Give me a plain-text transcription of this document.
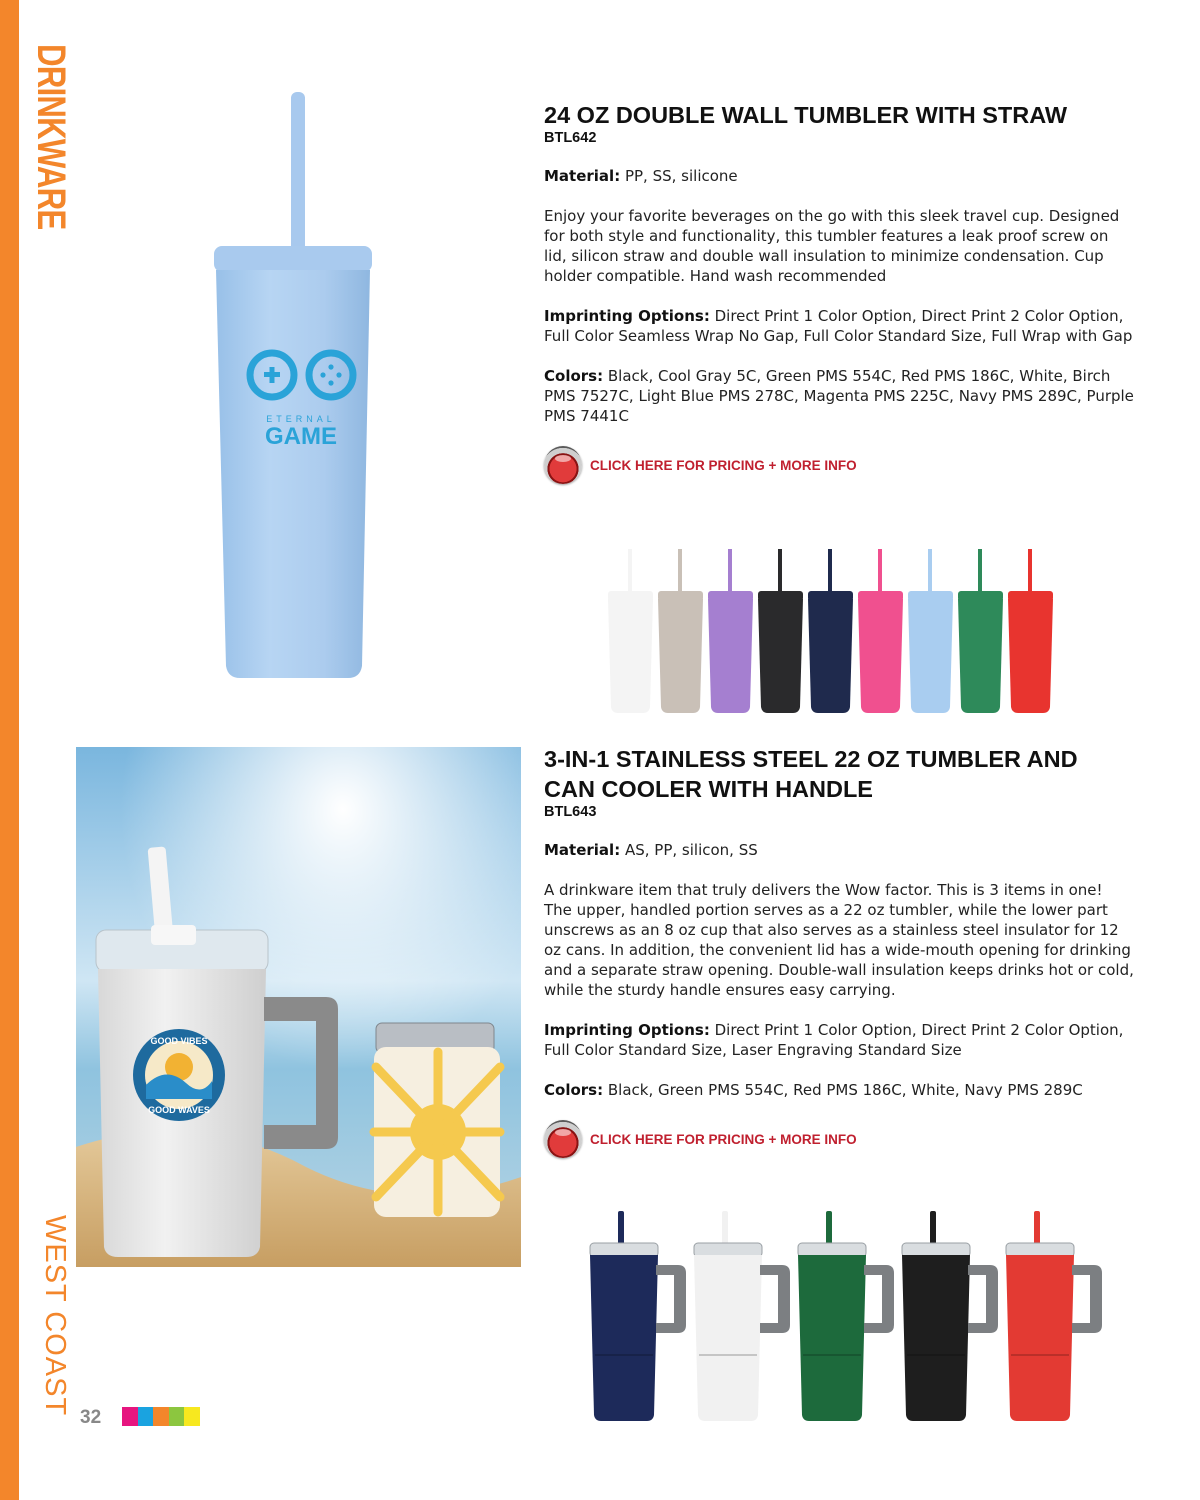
DRINKWARE
WEST COAST
ETERNAL
GAME
24 OZ DOUBLE WALL TUMBLER WITH STRAW

BTL642

Material: PP, SS, silicone

Enjoy your favorite beverages on the go with this sleek travel cup. Designed for both style and functionality, this tumbler features a leak proof screw on lid, silicon straw and double wall insulation to minimize condensation. Cup holder compatible. Hand wash recommended

Imprinting Options: Direct Print 1 Color Option, Direct Print 2 Color Option, Full Color Seamless Wrap No Gap, Full Color Standard Size, Full Wrap with Gap

Colors: Black, Cool Gray 5C, Green PMS 554C, Red PMS 186C, White, Birch PMS 7527C, Light Blue PMS 278C, Magenta PMS 225C, Navy PMS 289C, Purple PMS 7441C

CLICK HERE FOR PRICING + MORE INFO
GOOD VIBES
GOOD WAVES
3-IN-1 STAINLESS STEEL 22 OZ TUMBLER AND CAN COOLER WITH HANDLE

BTL643

Material: AS, PP, silicon, SS

A drinkware item that truly delivers the Wow factor. This is 3 items in one! The upper, handled portion serves as a 22 oz tumbler, while the lower part unscrews as an 8 oz cup that also serves as a stainless steel insulator for 12 oz cans. In addition, the convenient lid has a wide-mouth opening for drinking and a separate straw opening. Double-wall insulation keeps drinks hot or cold, while the sturdy handle ensures easy carrying.

Imprinting Options: Direct Print 1 Color Option, Direct Print 2 Color Option, Full Color Standard Size, Laser Engraving Standard Size

Colors: Black, Green PMS 554C, Red PMS 186C, White, Navy PMS 289C

CLICK HERE FOR PRICING + MORE INFO
32
